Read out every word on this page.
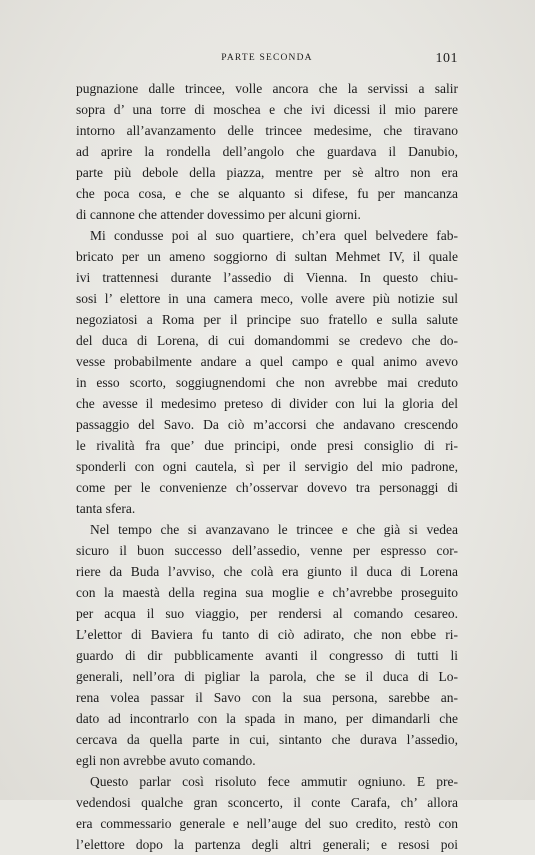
PARTE SECONDA	101
pugnazione dalle trincee, volle ancora che la servissi a salir
sopra d’ una torre di moschea e che ivi dicessi il mio parere
intorno all’avanzamento delle trincee medesime, che tiravano
ad aprire la rondella dell’angolo che guardava il Danubio,
parte più debole della piazza, mentre per sè altro non era
che poca cosa, e che se alquanto si difese, fu per mancanza
di cannone che attender dovessimo per alcuni giorni.
Mi condusse poi al suo quartiere, ch’era quel belvedere fab-
bricato per un ameno soggiorno di sultan Mehmet IV, il quale
ivi trattennesi durante l’assedio di Vienna. In questo chiu-
sosi l’ elettore in una camera meco, volle avere più notizie sul
negoziatosi a Roma per il principe suo fratello e sulla salute
del duca di Lorena, di cui domandommi se credevo che do-
vesse probabilmente andare a quel campo e qual animo avevo
in esso scorto, soggiugnendomi che non avrebbe mai creduto
che avesse il medesimo preteso di divider con lui la gloria del
passaggio del Savo. Da ciò m’accorsi che andavano crescendo
le rivalità fra que’ due principi, onde presi consiglio di ri-
sponderli con ogni cautela, sì per il servigio del mio padrone,
come per le convenienze ch’osservar dovevo tra personaggi di
tanta sfera.
Nel tempo che si avanzavano le trincee e che già si vedea
sicuro il buon successo dell’assedio, venne per espresso cor-
riere da Buda l’avviso, che colà era giunto il duca di Lorena
con la maestà della regina sua moglie e ch’avrebbe proseguito
per acqua il suo viaggio, per rendersi al comando cesareo.
L’elettor di Baviera fu tanto di ciò adirato, che non ebbe ri-
guardo di dir pubblicamente avanti il congresso di tutti li
generali, nell’ora di pigliar la parola, che se il duca di Lo-
rena volea passar il Savo con la sua persona, sarebbe an-
dato ad incontrarlo con la spada in mano, per dimandarli che
cercava da quella parte in cui, sintanto che durava l’assedio,
egli non avrebbe avuto comando.
Questo parlar così risoluto fece ammutir ogniuno. E pre-
vedendosi qualche gran sconcerto, il conte Carafa, ch’ allora
era commessario generale e nell’auge del suo credito, restò con
l’elettore dopo la partenza degli altri generali; e resosi poi
